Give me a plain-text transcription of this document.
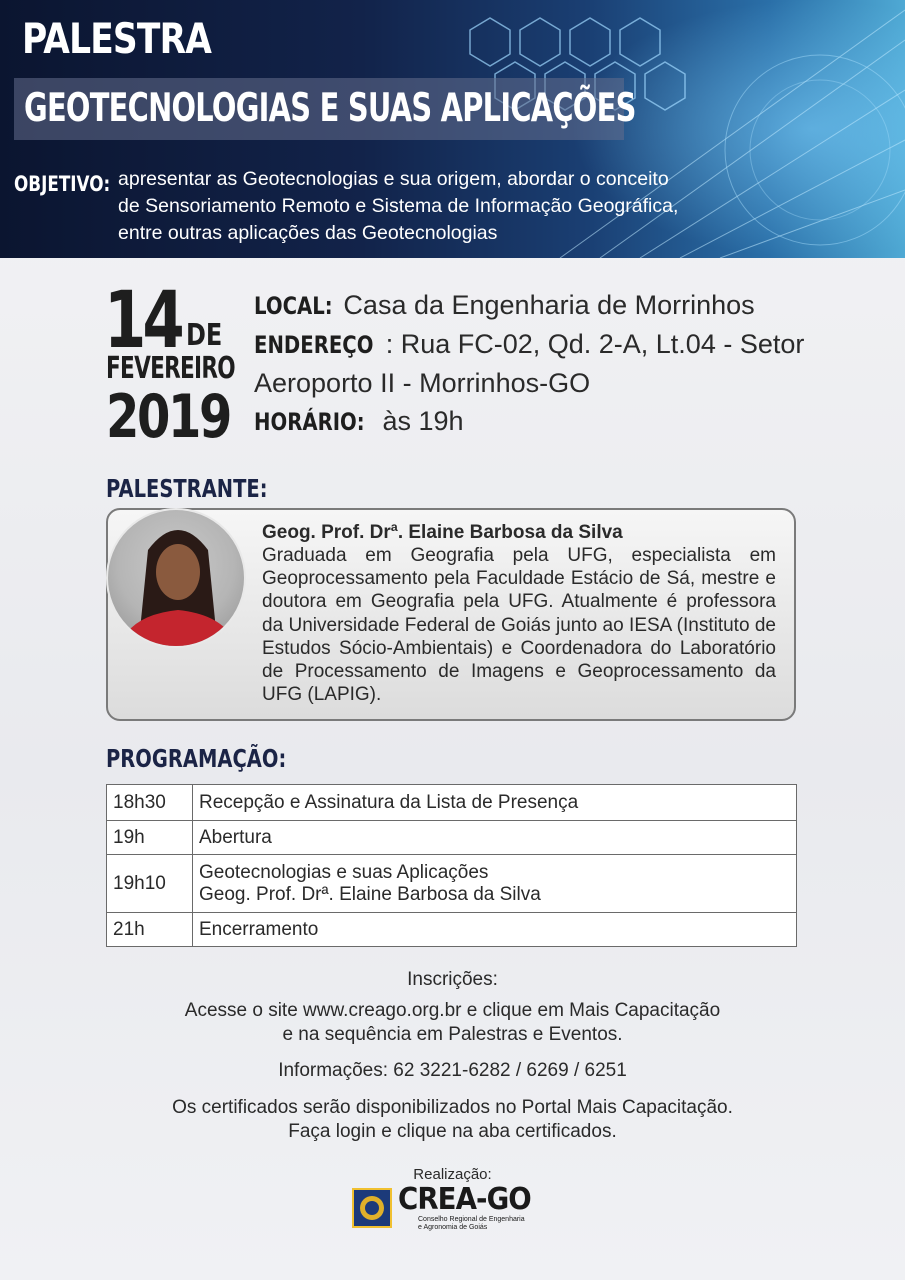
PALESTRA
GEOTECNOLOGIAS E SUAS APLICAÇÕES
OBJETIVO: apresentar as Geotecnologias e sua origem, abordar o conceito
de Sensoriamento Remoto e Sistema de Informação Geográfica,
entre outras aplicações das Geotecnologias
14 DE
FEVEREIRO
2019
LOCAL: Casa da Engenharia de Morrinhos
ENDEREÇO : Rua FC-02, Qd. 2-A, Lt.04 - Setor
Aeroporto II - Morrinhos-GO
HORÁRIO: às 19h
PALESTRANTE:
Geog. Prof. Drª. Elaine Barbosa da Silva
Graduada em Geografia pela UFG, especialista em Geoprocessamento pela Faculdade Estácio de Sá, mestre e doutora em Geografia pela UFG. Atualmente é professora da Universidade Federal de Goiás junto ao IESA (Instituto de Estudos Sócio-Ambientais) e Coordenadora do Laboratório de Processamento de Imagens e Geoprocessamento da UFG (LAPIG).
PROGRAMAÇÃO:
18h30	Recepção e Assinatura da Lista de Presença
19h	Abertura
19h10	Geotecnologias e suas Aplicações
Geog. Prof. Drª. Elaine Barbosa da Silva

21h	Encerramento
Inscrições:
Acesse o site www.creago.org.br e clique em Mais Capacitação
e na sequência em Palestras e Eventos.
Informações: 62 3221-6282 / 6269 / 6251
Os certificados serão disponibilizados no Portal Mais Capacitação.
Faça login e clique na aba certificados.
Realização:
CREA-GO
Conselho Regional de Engenharia
e Agronomia de Goiás
